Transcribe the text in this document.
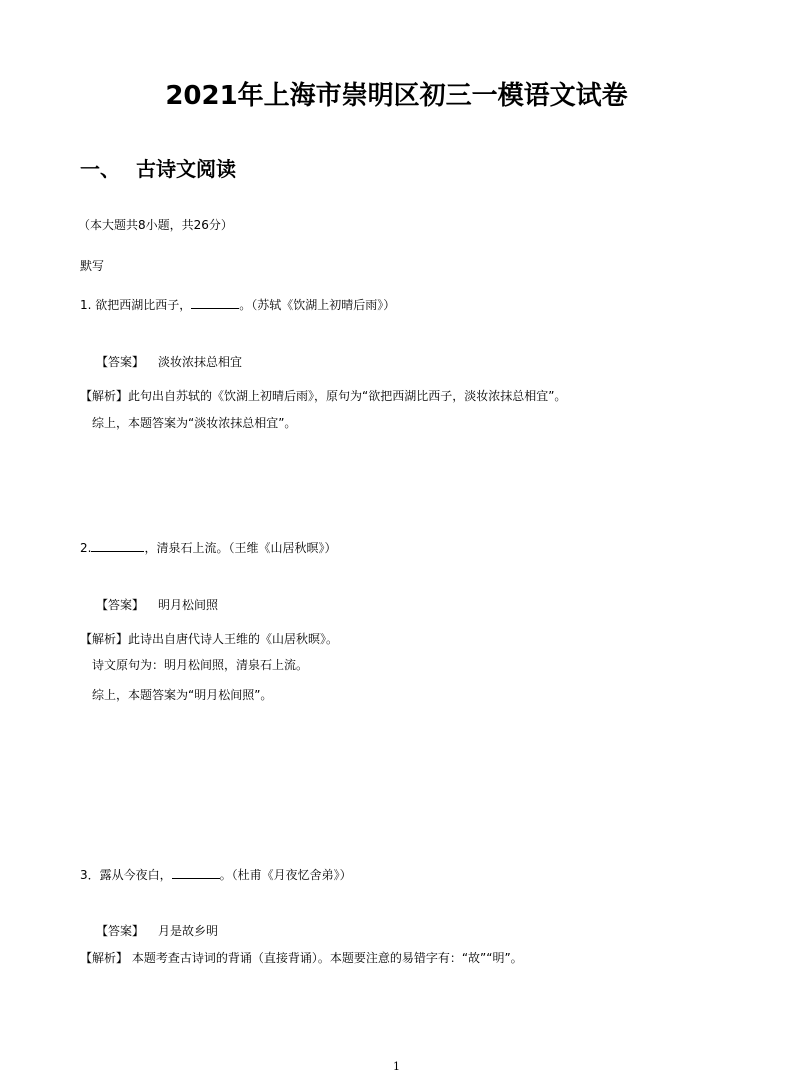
2021年上海市崇明区初三一模语文试卷
一、 古诗文阅读
（本大题共8小题，共26分）
默写
1. 欲把西湖比西子，	。（苏轼《饮湖上初晴后雨》）
【答案】 淡妆浓抹总相宜
【解析】此句出自苏轼的《饮湖上初晴后雨》，原句为“欲把西湖比西子，淡妆浓抹总相宜”。
综上，本题答案为“淡妆浓抹总相宜”。
2.	，清泉石上流。（王维《山居秋暝》）
【答案】 明月松间照
【解析】此诗出自唐代诗人王维的《山居秋暝》。
诗文原句为：明月松间照，清泉石上流。
综上，本题答案为“明月松间照”。
3．露从今夜白，	。（杜甫《月夜忆舍弟》）
【答案】 月是故乡明
【解析】 本题考查古诗词的背诵（直接背诵）。本题要注意的易错字有：“故”“明”。
1
